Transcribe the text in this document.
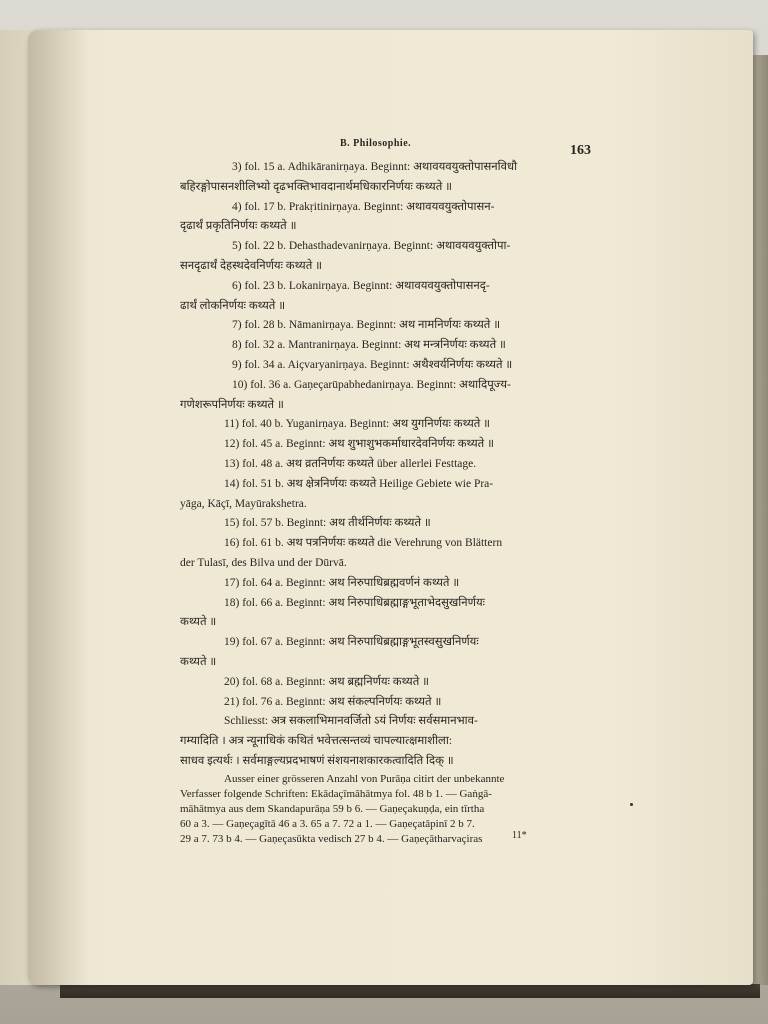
B. Philosophie.	163
3) fol. 15 a. Adhikāranirṇaya. Beginnt: अथावयवयुक्तोपासनविधौ
बहिरङ्गोपासनशीलिभ्यो दृढभक्तिभावदानार्थमधिकारनिर्णयः कथ्यते ॥
4) fol. 17 b. Prakṛitinirṇaya. Beginnt: अथावयवयुक्तोपासन-
दृढार्थं प्रकृतिनिर्णयः कथ्यते ॥
5) fol. 22 b. Dehasthadevanirṇaya. Beginnt: अथावयवयुक्तोपा-
सनदृढार्थं देहस्थदेवनिर्णयः कथ्यते ॥
6) fol. 23 b. Lokanirṇaya. Beginnt: अथावयवयुक्तोपासनदृ-
ढार्थं लोकनिर्णयः कथ्यते ॥
7) fol. 28 b. Nāmanirṇaya. Beginnt: अथ नामनिर्णयः कथ्यते ॥
8) fol. 32 a. Mantranirṇaya. Beginnt: अथ मन्त्रनिर्णयः कथ्यते ॥
9) fol. 34 a. Aiçvaryanirṇaya. Beginnt: अथैश्वर्यनिर्णयः कथ्यते ॥
10) fol. 36 a. Gaṇeçarūpabhedanirṇaya. Beginnt: अथादिपूज्य-
गणेशरूपनिर्णयः कथ्यते ॥
11) fol. 40 b. Yuganirṇaya. Beginnt: अथ युगनिर्णयः कथ्यते ॥
12) fol. 45 a. Beginnt: अथ शुभाशुभकर्माधारदेवनिर्णयः कथ्यते ॥
13) fol. 48 a. अथ व्रतनिर्णयः कथ्यते über allerlei Festtage.
14) fol. 51 b. अथ क्षेत्रनिर्णयः कथ्यते Heilige Gebiete wie Pra-
yāga, Kāçī, Mayūrakshetra.
15) fol. 57 b. Beginnt: अथ तीर्थनिर्णयः कथ्यते ॥
16) fol. 61 b. अथ पत्रनिर्णयः कथ्यते die Verehrung von Blättern
der Tulasī, des Bilva und der Dūrvā.
17) fol. 64 a. Beginnt: अथ निरुपाधिब्रह्मवर्णनं कथ्यते ॥
18) fol. 66 a. Beginnt: अथ निरुपाधिब्रह्माङ्गभूताभेदसुखनिर्णयः
कथ्यते ॥
19) fol. 67 a. Beginnt: अथ निरुपाधिब्रह्माङ्गभूतस्वसुखनिर्णयः
कथ्यते ॥
20) fol. 68 a. Beginnt: अथ ब्रह्मनिर्णयः कथ्यते ॥
21) fol. 76 a. Beginnt: अथ संकल्पनिर्णयः कथ्यते ॥
Schliesst: अत्र सकलाभिमानवर्जितो ऽयं निर्णयः सर्वसमानभाव-
गम्यादिति । अत्र न्यूनाधिकं कथितं भवेत्तत्सन्तव्यं चापल्यात्क्षमाशीला:
साधव इत्यर्थः । सर्वमाङ्गल्यप्रदभाषणं संशयनाशकारकत्वादिति दिक् ॥
Ausser einer grösseren Anzahl von Purāṇa citirt der unbekannte
Verfasser folgende Schriften: Ekādaçīmāhātmya fol. 48 b 1. — Gaṅgā-
māhātmya aus dem Skandapurāṇa 59 b 6. — Gaṇeçakuṇḍa, ein tīrtha
60 a 3. — Gaṇeçagītā 46 a 3. 65 a 7. 72 a 1. — Gaṇeçatāpinī 2 b 7.
29 a 7. 73 b 4. — Gaṇeçasūkta vedisch 27 b 4. — Gaṇeçātharvaçiras	11*
